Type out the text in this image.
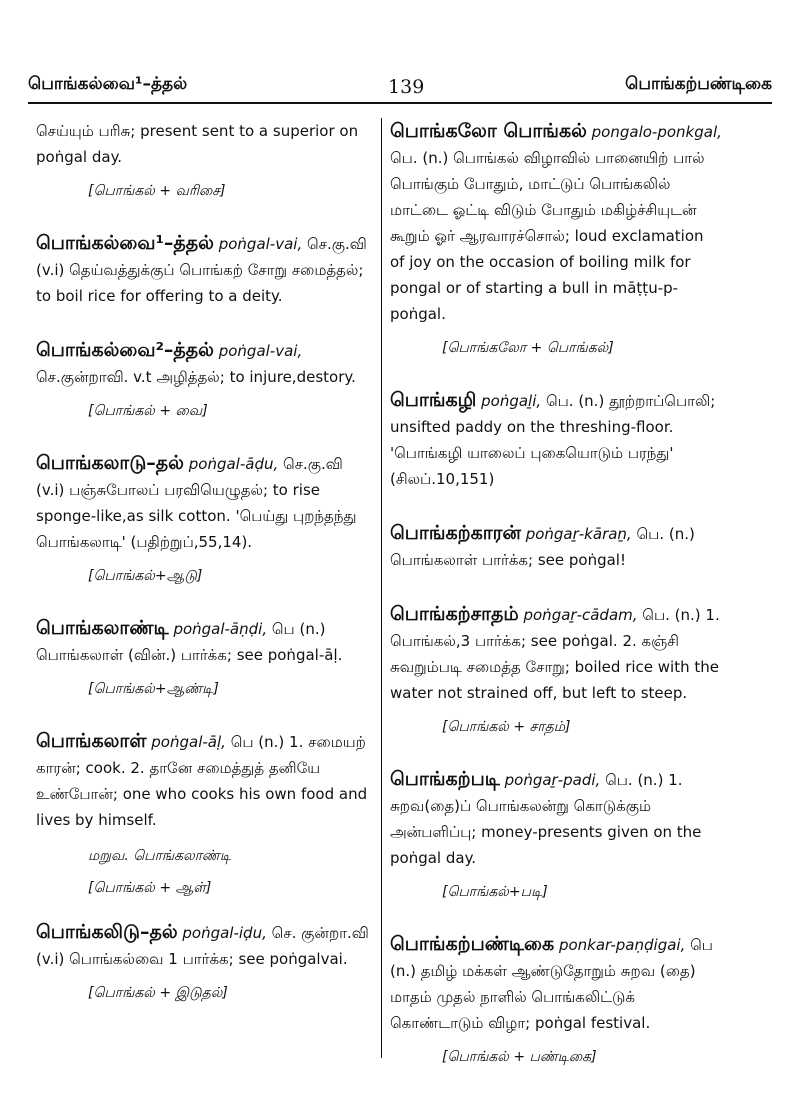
பொங்கல்வை¹–த்தல்	139	பொங்கற்பண்டிகை
செய்யும் பரிசு; present sent to a superior on poṅgal day.
[பொங்கல் + வரிசை]
பொங்கல்வை¹–த்தல் poṅgal-vai, செ.கு.வி (v.i) தெய்வத்துக்குப் பொங்கற் சோறு சமைத்தல்; to boil rice for offering to a deity.
பொங்கல்வை²–த்தல் poṅgal-vai, செ.குன்றாவி. v.t அழித்தல்; to injure,destory.
[பொங்கல் + வை]
பொங்கலாடு–தல் poṅgal-āḍu, செ.கு.வி (v.i) பஞ்சுபோலப் பரவியெழுதல்; to rise sponge-like,as silk cotton. 'பெய்து புறந்தந்து பொங்கலாடி' (பதிற்றுப்,55,14).
[பொங்கல்+ஆடு]
பொங்கலாண்டி poṅgal-āṇḍi, பெ (n.) பொங்கலாள் (வின்.) பார்க்க; see poṅgal-āḷ.
[பொங்கல்+ஆண்டி]
பொங்கலாள் poṅgal-āḷ, பெ (n.) 1. சமையற் காரன்; cook. 2. தானே சமைத்துத் தனியே உண்போன்; one who cooks his own food and lives by himself.
மறுவ. பொங்கலாண்டி
[பொங்கல் + ஆள்]
பொங்கலிடு–தல் poṅgal-iḍu, செ. குன்றா.வி (v.i) பொங்கல்வை 1 பார்க்க; see poṅgalvai.
[பொங்கல் + இடுதல்]
பொங்கலோ பொங்கல் pongalo-ponkgal, பெ. (n.) பொங்கல் விழாவில் பானையிற் பால் பொங்கும் போதும், மாட்டுப் பொங்கலில் மாட்டை ஓட்டி விடும் போதும் மகிழ்ச்சியுடன் கூறும் ஓர் ஆரவாரச்சொல்; loud exclamation of joy on the occasion of boiling milk for pongal or of starting a bull in māṭṭu-p-poṅgal.
[பொங்கலோ + பொங்கல்]
பொங்கழி poṅgaḻi, பெ. (n.) தூற்றாப்பொலி; unsifted paddy on the threshing-floor. 'பொங்கழி யாலைப் புகையொடும் பரந்து' (சிலப்.10,151)
பொங்கற்காரன் poṅgaṟ-kāraṉ, பெ. (n.) பொங்கலாள் பார்க்க; see poṅgal!
பொங்கற்சாதம் poṅgaṟ-cādam, பெ. (n.) 1. பொங்கல்,3 பார்க்க; see poṅgal. 2. கஞ்சி சுவறும்படி சமைத்த சோறு; boiled rice with the water not strained off, but left to steep.
[பொங்கல் + சாதம்]
பொங்கற்படி poṅgaṟ-padi, பெ. (n.) 1. சுறவ(தை)ப் பொங்கலன்று கொடுக்கும் அன்பளிப்பு; money-presents given on the poṅgal day.
[பொங்கல்+படி]
பொங்கற்பண்டிகை ponkar-paṇḍigai, பெ (n.) தமிழ் மக்கள் ஆண்டுதோறும் சுறவ (தை) மாதம் முதல் நாளில் பொங்கலிட்டுக் கொண்டாடும் விழா; poṅgal festival.
[பொங்கல் + பண்டிகை]
